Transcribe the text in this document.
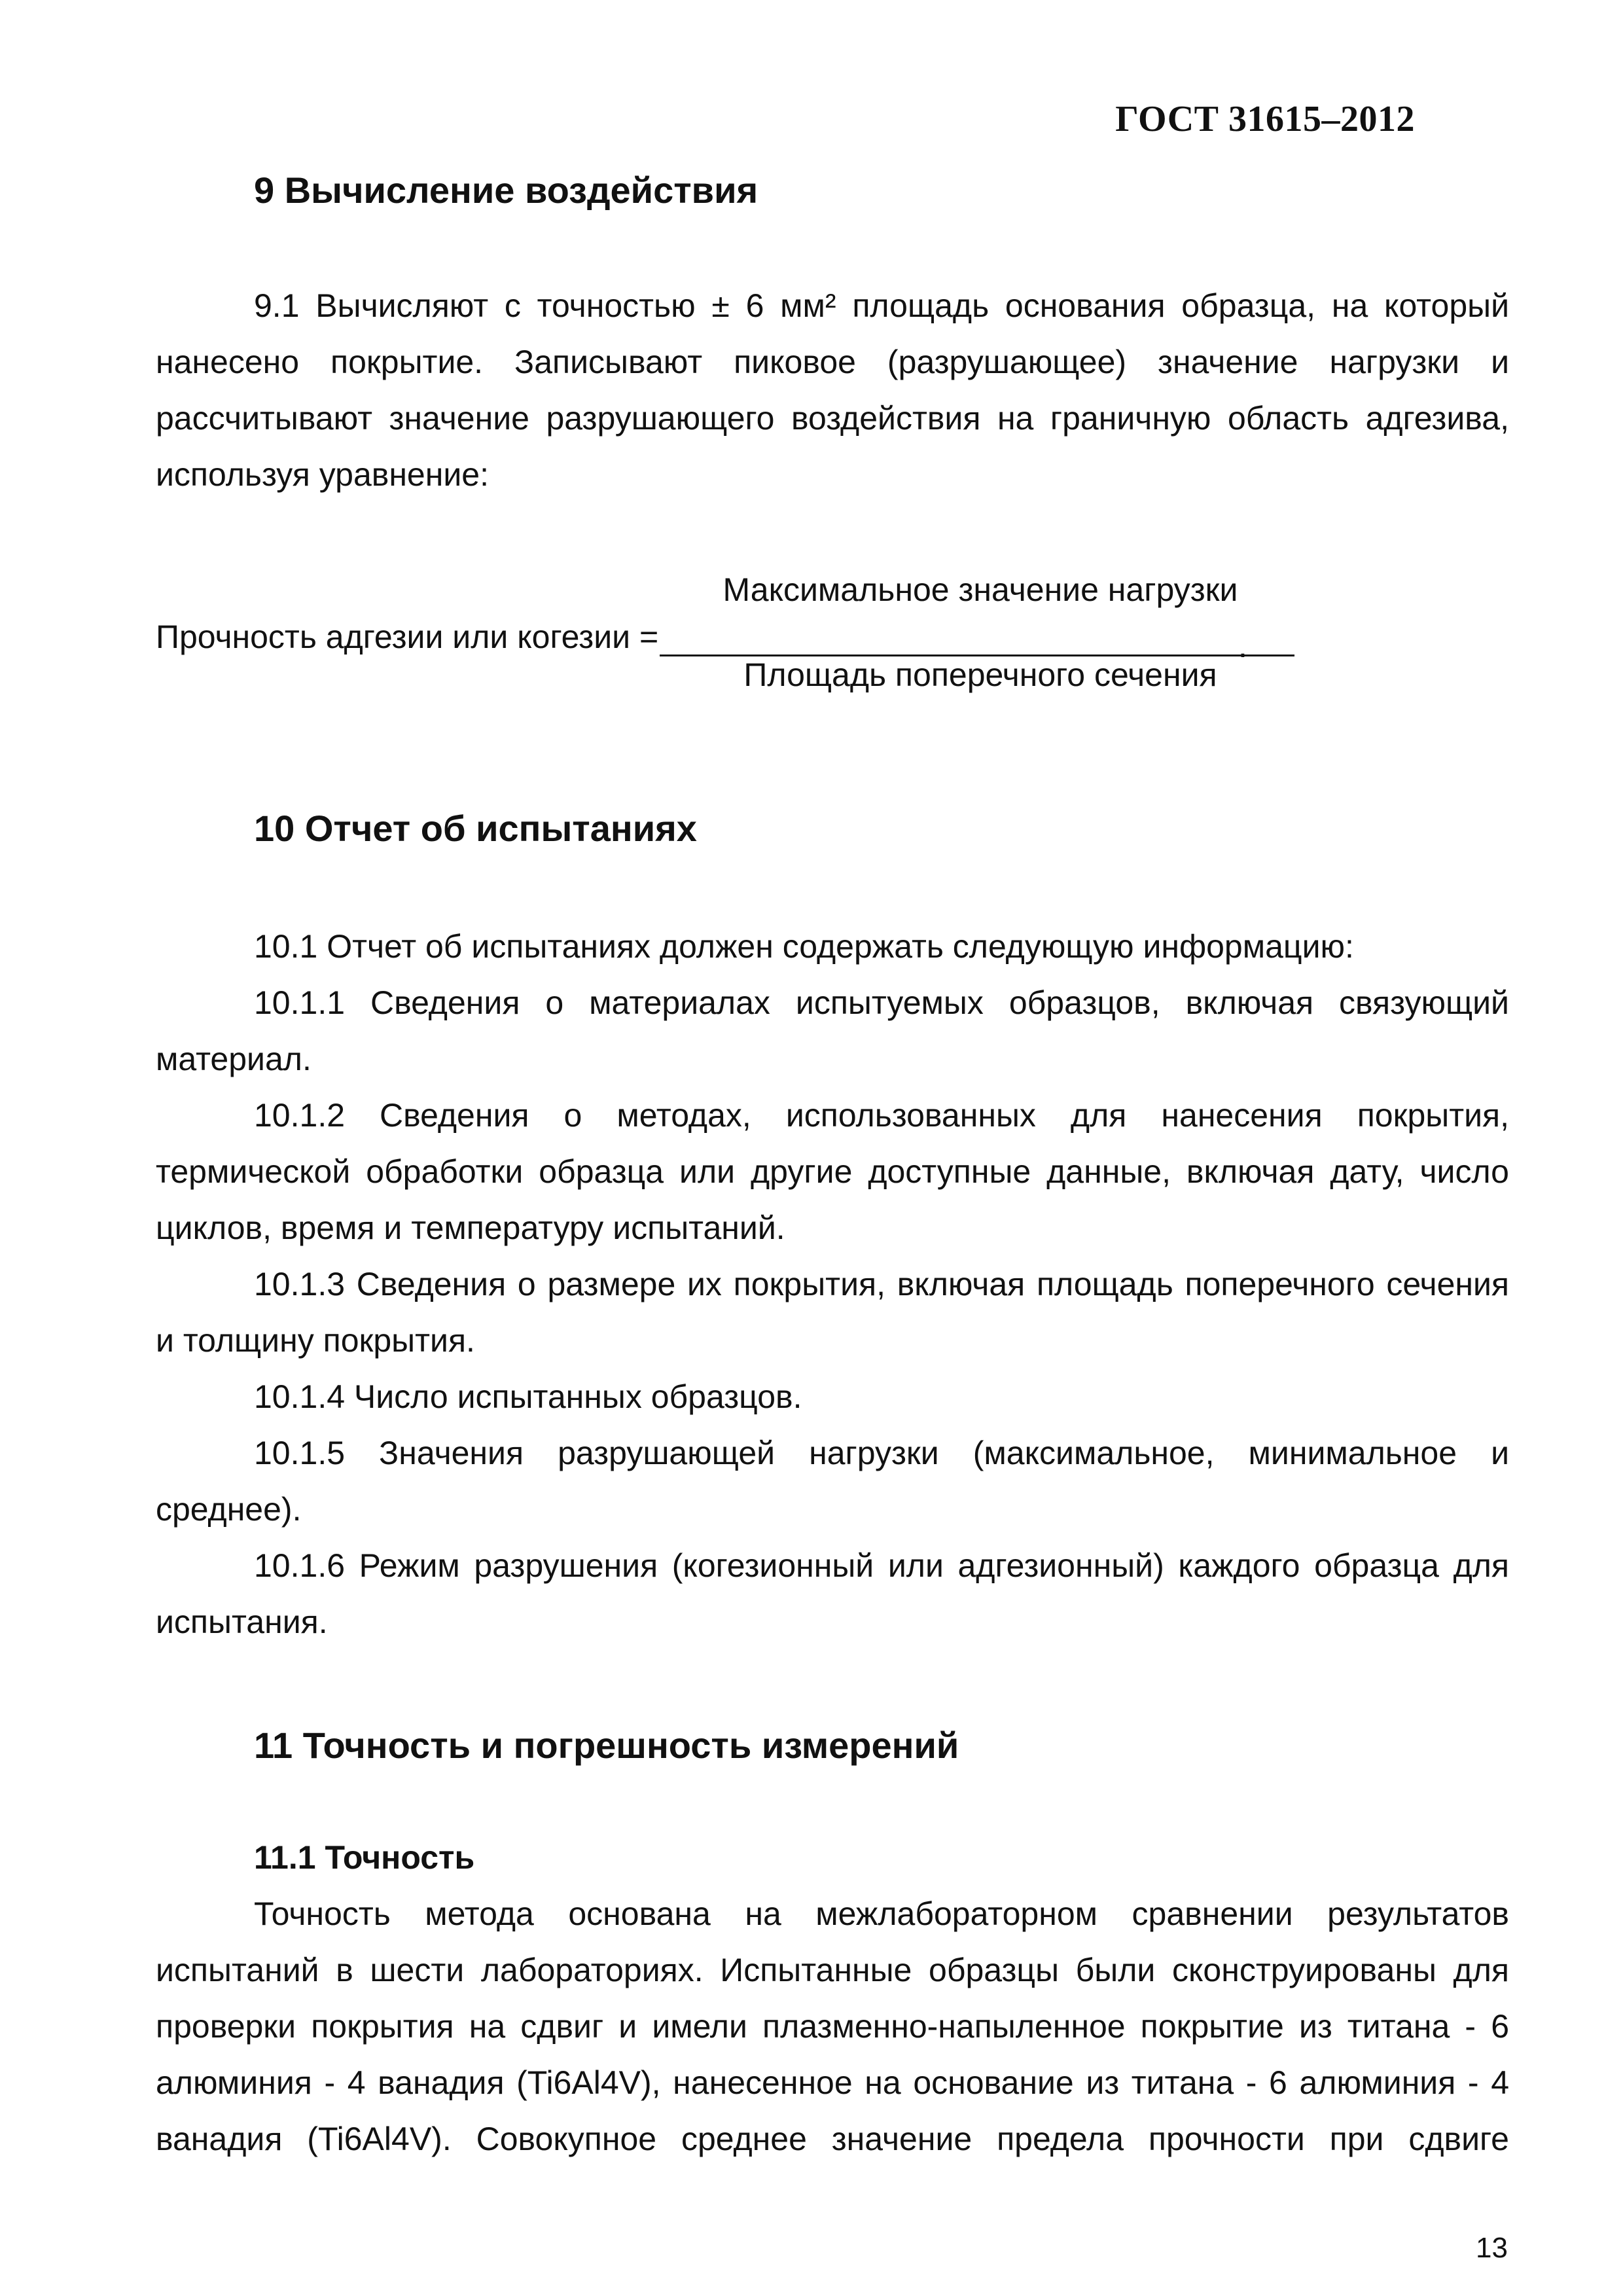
ГОСТ 31615–2012
9 Вычисление воздействия

9.1 Вычисляют с точностью ± 6 мм² площадь основания образца, на который нанесено покрытие. Записывают пиковое (разрушающее) значение нагрузки и рассчитывают значение разрушающего воздействия на граничную область адгезива, используя уравнение:

Прочность адгезии или когезии =
Максимальное значение нагрузки
.
Площадь поперечного сечения
10 Отчет об испытаниях

10.1 Отчет об испытаниях должен содержать следующую информацию:

10.1.1 Сведения о материалах испытуемых образцов, включая связующий материал.

10.1.2 Сведения о методах, использованных для нанесения покрытия, термической обработки образца или другие доступные данные, включая дату, число циклов, время и температуру испытаний.

10.1.3 Сведения о размере их покрытия, включая площадь поперечного сечения и толщину покрытия.

10.1.4 Число испытанных образцов.

10.1.5 Значения разрушающей нагрузки (максимальное, минимальное и среднее).

10.1.6 Режим разрушения (когезионный или адгезионный) каждого образца для испытания.

11 Точность и погрешность измерений
11.1 Точность

Точность метода основана на межлабораторном сравнении результатов испытаний в шести лабораториях. Испытанные образцы были сконструированы для проверки покрытия на сдвиг и имели плазменно-напыленное покрытие из титана - 6 алюминия - 4 ванадия (Ti6Al4V), нанесенное на основание из титана - 6 алюминия - 4 ванадия (Ti6Al4V). Совокупное среднее значение предела прочности при сдвиге

13
